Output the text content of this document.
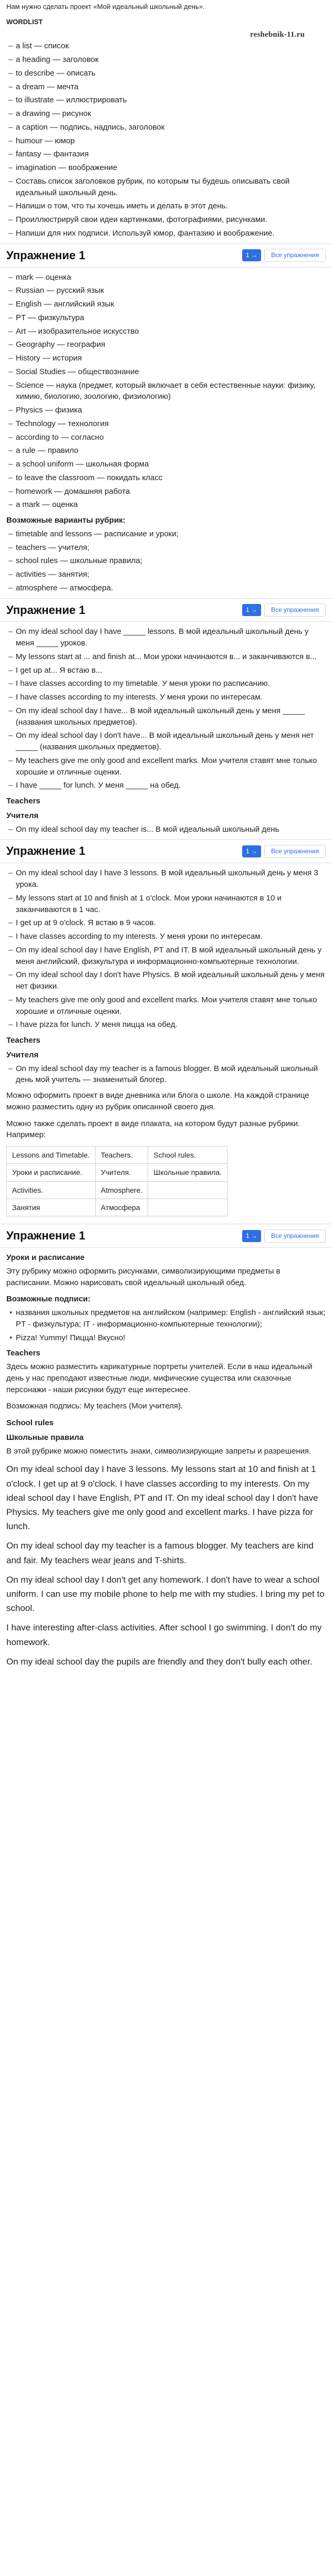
Нам нужно сделать проект «Мой идеальный школьный день».

WORDLIST
reshebnik-11.ru
– a list — список
– a heading — заголовок
– to describe — описать
– a dream — мечта
– to illustrate — иллюстрировать
– a drawing — рисунок
– a caption — подпись, надпись, заголовок
– humour — юмор
– fantasy — фантазия
– imagination — воображение
– Составь список заголовков рубрик, по которым ты будешь описывать свой идеальный школьный день.
– Напиши о том, что ты хочешь иметь и делать в этот день.
– Проиллюстрируй свои идеи картинками, фотографиями, рисунками.
– Напиши для них подписи. Используй юмор, фантазию и воображение.
Упражнение 1	1 →	Все упражнения
– mark — оценка
– Russian — русский язык
– English — английский язык
– PT — физкультура
– Art — изобразительное искусство
– Geography — география
– History — история
– Social Studies — обществознание
– Science — наука (предмет, который включает в себя естественные науки: физику, химию, биологию, зоологию, физиологию)
– Physics — физика
– Technology — технология
– according to — согласно
– a rule — правило
– a school uniform — школьная форма
– to leave the classroom — покидать класс
– homework — домашняя работа
– a mark — оценка
Возможные варианты рубрик:
– timetable and lessons — расписание и уроки;
– teachers — учителя;
– school rules — школьные правила;
– activities — занятия;
– atmosphere — атмосфера.
Упражнение 1	1 →	Все упражнения
– On my ideal school day I have _____ lessons. В мой идеальный школьный день у меня _____ уроков.
– My lessons start at ... and finish at... Мои уроки начинаются в... и заканчиваются в...
– I get up at... Я встаю в...
– I have classes according to my timetable. У меня уроки по расписанию.
– I have classes according to my interests. У меня уроки по интересам.
– On my ideal school day I have... В мой идеальный школьный день у меня _____ (названия школьных предметов).
– On my ideal school day I don't have... В мой идеальный школьный день у меня нет _____ (названия школьных предметов).
– My teachers give me only good and excellent marks. Мои учителя ставят мне только хорошие и отличные оценки.
– I have _____ for lunch. У меня _____ на обед.
Teachers
Учителя
– On my ideal school day my teacher is... В мой идеальный школьный день
Упражнение 1	1 →	Все упражнения
– On my ideal school day I have 3 lessons. В мой идеальный школьный день у меня 3 урока.
– My lessons start at 10 and finish at 1 o'clock. Мои уроки начинаются в 10 и заканчиваются в 1 час.
– I get up at 9 o'clock. Я встаю в 9 часов.
– I have classes according to my interests. У меня уроки по интересам.
– On my ideal school day I have English, PT and IT. В мой идеальный школьный день у меня английский, физкультура и информационно-компьютерные технологии.
– On my ideal school day I don't have Physics. В мой идеальный школьный день у меня нет физики.
– My teachers give me only good and excellent marks. Мои учителя ставят мне только хорошие и отличные оценки.
– I have pizza for lunch. У меня пицца на обед.
Teachers
Учителя
– On my ideal school day my teacher is a famous blogger. В мой идеальный школьный день мой учитель — знаменитый блогер.

Можно оформить проект в виде дневника или блога о школе. На каждой странице можно разместить одну из рубрик описанной своего дня.

Можно также сделать проект в виде плаката, на котором будут разные рубрики. Например:

Lessons and Timetable.	Teachers.	School rules.
Уроки и расписание.	Учителя.	Школьные правила.
Activities.	Atmosphere.	
Занятия	Атмосфера	
Упражнение 1	1 →	Все упражнения
Уроки и расписание

Эту рубрику можно оформить рисунками, символизирующими предметы в расписании. Можно нарисовать свой идеальный школьный обед.

Возможные подписи:
• названия школьных предметов на английском (например: English - английский язык; PT - физкультура; IT - информационно-компьютерные технологии);
• Pizza! Yummy! Пицца! Вкусно!
Teachers

Здесь можно разместить карикатурные портреты учителей. Если в наш идеальный день у нас преподают известные люди, мифические существа или сказочные персонажи - наши рисунки будут еще интереснее.

Возможная подпись: My teachers (Мои учителя).

School rules
Школьные правила

В этой рубрике можно поместить знаки, символизирующие запреты и разрешения.

On my ideal school day I have 3 lessons. My lessons start at 10 and finish at 1 o'clock. I get up at 9 o'clock. I have classes according to my interests. On my ideal school day I have English, PT and IT. On my ideal school day I don't have Physics. My teachers give me only good and excellent marks. I have pizza for lunch.

On my ideal school day my teacher is a famous blogger. My teachers are kind and fair. My teachers wear jeans and T-shirts.

On my ideal school day I don't get any homework. I don't have to wear a school uniform. I can use my mobile phone to help me with my studies. I bring my pet to school.

I have interesting after-class activities. After school I go swimming. I don't do my homework.

On my ideal school day the pupils are friendly and they don't bully each other.
